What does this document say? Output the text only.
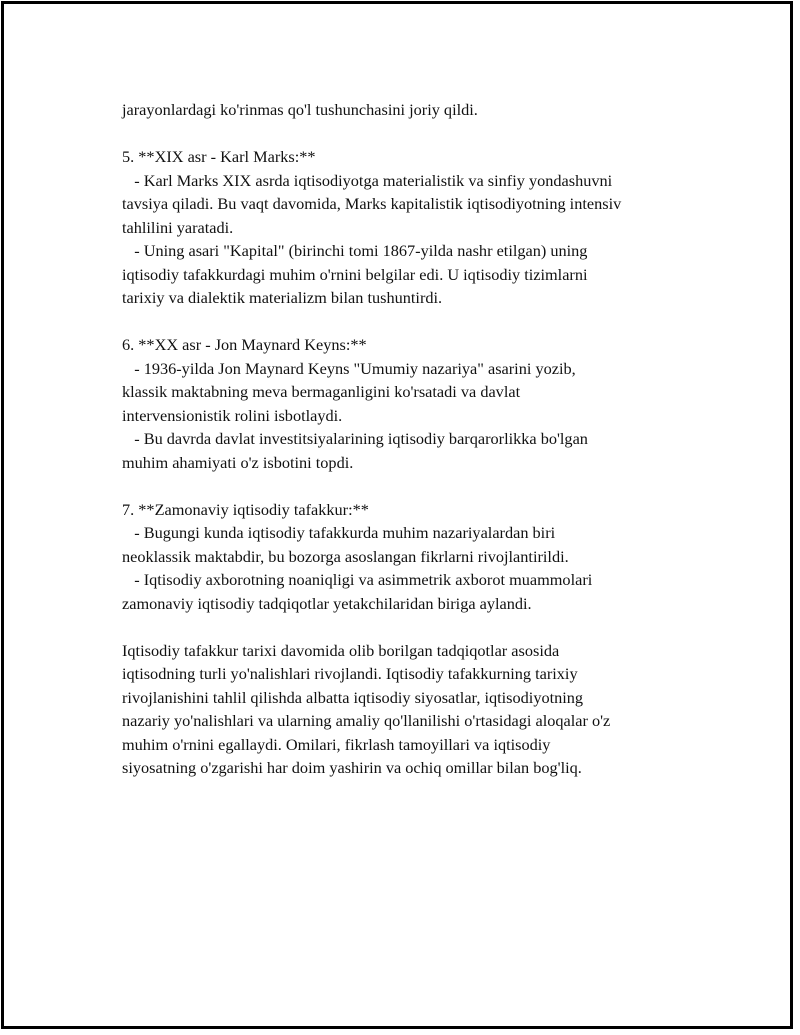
jarayonlardagi ko'rinmas qo'l tushunchasini joriy qildi.
5. **XIX asr - Karl Marks:**
- Karl Marks XIX asrda iqtisodiyotga materialistik va sinfiy yondashuvni
tavsiya qiladi. Bu vaqt davomida, Marks kapitalistik iqtisodiyotning intensiv
tahlilini yaratadi.
- Uning asari "Kapital" (birinchi tomi 1867-yilda nashr etilgan) uning
iqtisodiy tafakkurdagi muhim o'rnini belgilar edi. U iqtisodiy tizimlarni
tarixiy va dialektik materializm bilan tushuntirdi.
6. **XX asr - Jon Maynard Keyns:**
- 1936-yilda Jon Maynard Keyns "Umumiy nazariya" asarini yozib,
klassik maktabning meva bermaganligini ko'rsatadi va davlat
intervensionistik rolini isbotlaydi.
- Bu davrda davlat investitsiyalarining iqtisodiy barqarorlikka bo'lgan
muhim ahamiyati o'z isbotini topdi.
7. **Zamonaviy iqtisodiy tafakkur:**
- Bugungi kunda iqtisodiy tafakkurda muhim nazariyalardan biri
neoklassik maktabdir, bu bozorga asoslangan fikrlarni rivojlantirildi.
- Iqtisodiy axborotning noaniqligi va asimmetrik axborot muammolari
zamonaviy iqtisodiy tadqiqotlar yetakchilaridan biriga aylandi.
Iqtisodiy tafakkur tarixi davomida olib borilgan tadqiqotlar asosida
iqtisodning turli yo'nalishlari rivojlandi. Iqtisodiy tafakkurning tarixiy
rivojlanishini tahlil qilishda albatta iqtisodiy siyosatlar, iqtisodiyotning
nazariy yo'nalishlari va ularning amaliy qo'llanilishi o'rtasidagi aloqalar o'z
muhim o'rnini egallaydi. Omilari, fikrlash tamoyillari va iqtisodiy
siyosatning o'zgarishi har doim yashirin va ochiq omillar bilan bog'liq.
